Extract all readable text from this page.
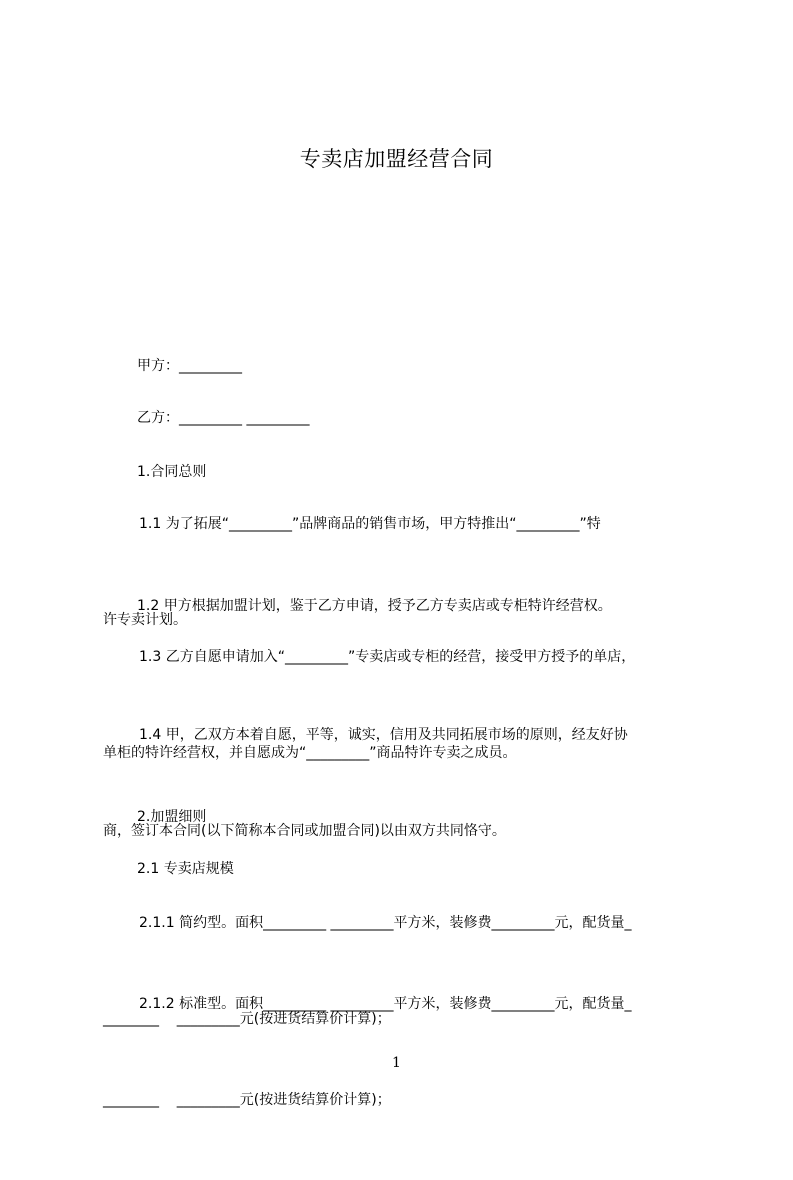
专卖店加盟经营合同

甲方：_________

乙方：_________ _________

1.合同总则

1.1 为了拓展“_________”品牌商品的销售市场，甲方特推出“_________”特

许专卖计划。

1.2 甲方根据加盟计划，鉴于乙方申请，授予乙方专卖店或专柜特许经营权。

1.3 乙方自愿申请加入“_________”专卖店或专柜的经营，接受甲方授予的单店，

单柜的特许经营权，并自愿成为“_________”商品特许专卖之成员。

1.4 甲，乙双方本着自愿，平等，诚实，信用及共同拓展市场的原则，经友好协

商，签订本合同(以下简称本合同或加盟合同)以由双方共同恪守。

2.加盟细则

2.1 专卖店规模

2.1.1 简约型。面积_________ _________平方米，装修费_________元，配货量_

________    _________元(按进货结算价计算)；

2.1.2 标准型。面积_________ _________平方米，装修费_________元，配货量_

________    _________元(按进货结算价计算)；

1
